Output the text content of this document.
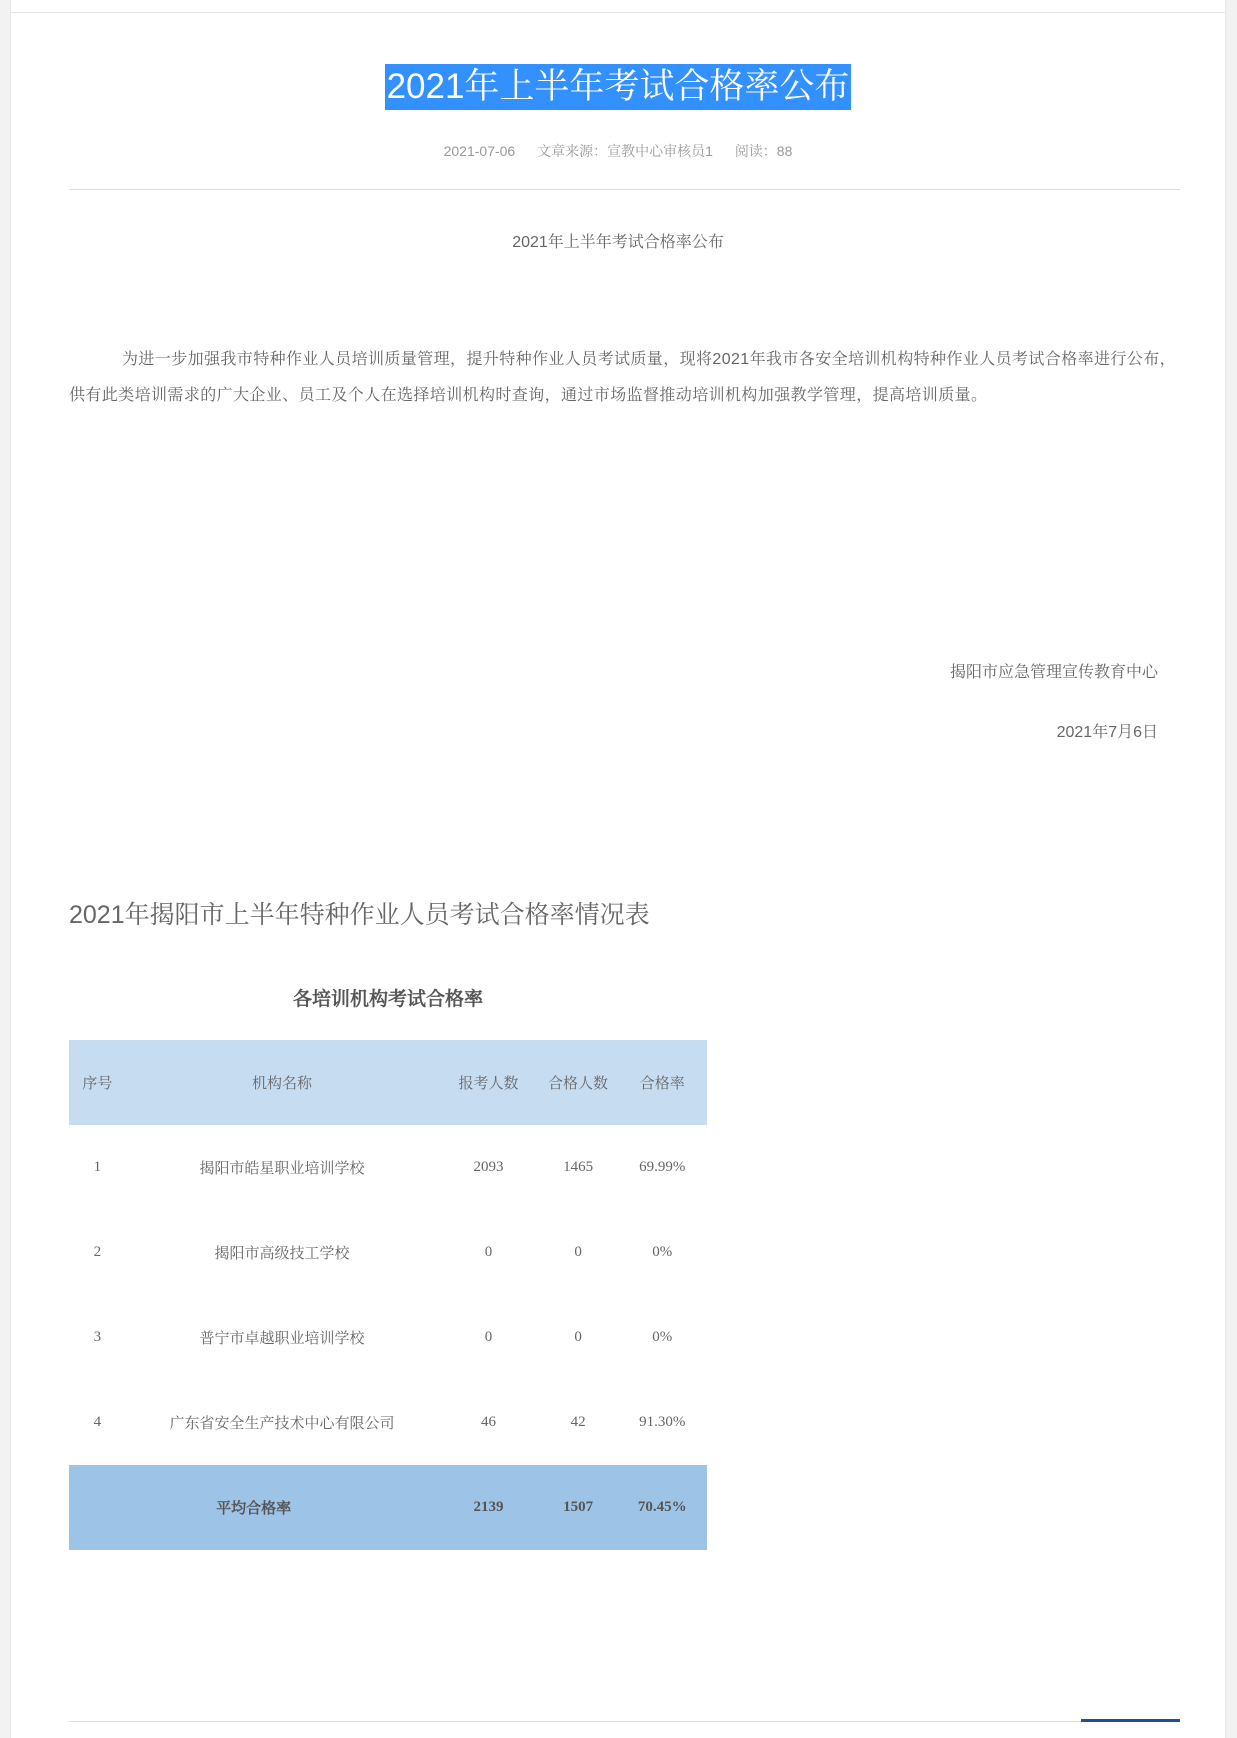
2021年上半年考试合格率公布
2021-07-06 文章来源：宣教中心审核员1 阅读：88
2021年上半年考试合格率公布
为进一步加强我市特种作业人员培训质量管理，提升特种作业人员考试质量，现将2021年我市各安全培训机构特种作业人员考试合格率进行公布，供有此类培训需求的广大企业、员工及个人在选择培训机构时查询，通过市场监督推动培训机构加强教学管理，提高培训质量。
揭阳市应急管理宣传教育中心
2021年7月6日
2021年揭阳市上半年特种作业人员考试合格率情况表
各培训机构考试合格率
序号	机构名称	报考人数	合格人数	合格率
1	揭阳市皓星职业培训学校	2093	1465	69.99%
2	揭阳市高级技工学校	0	0	0%
3	普宁市卓越职业培训学校	0	0	0%
4	广东省安全生产技术中心有限公司	46	42	91.30%
平均合格率		2139	1507	70.45%
